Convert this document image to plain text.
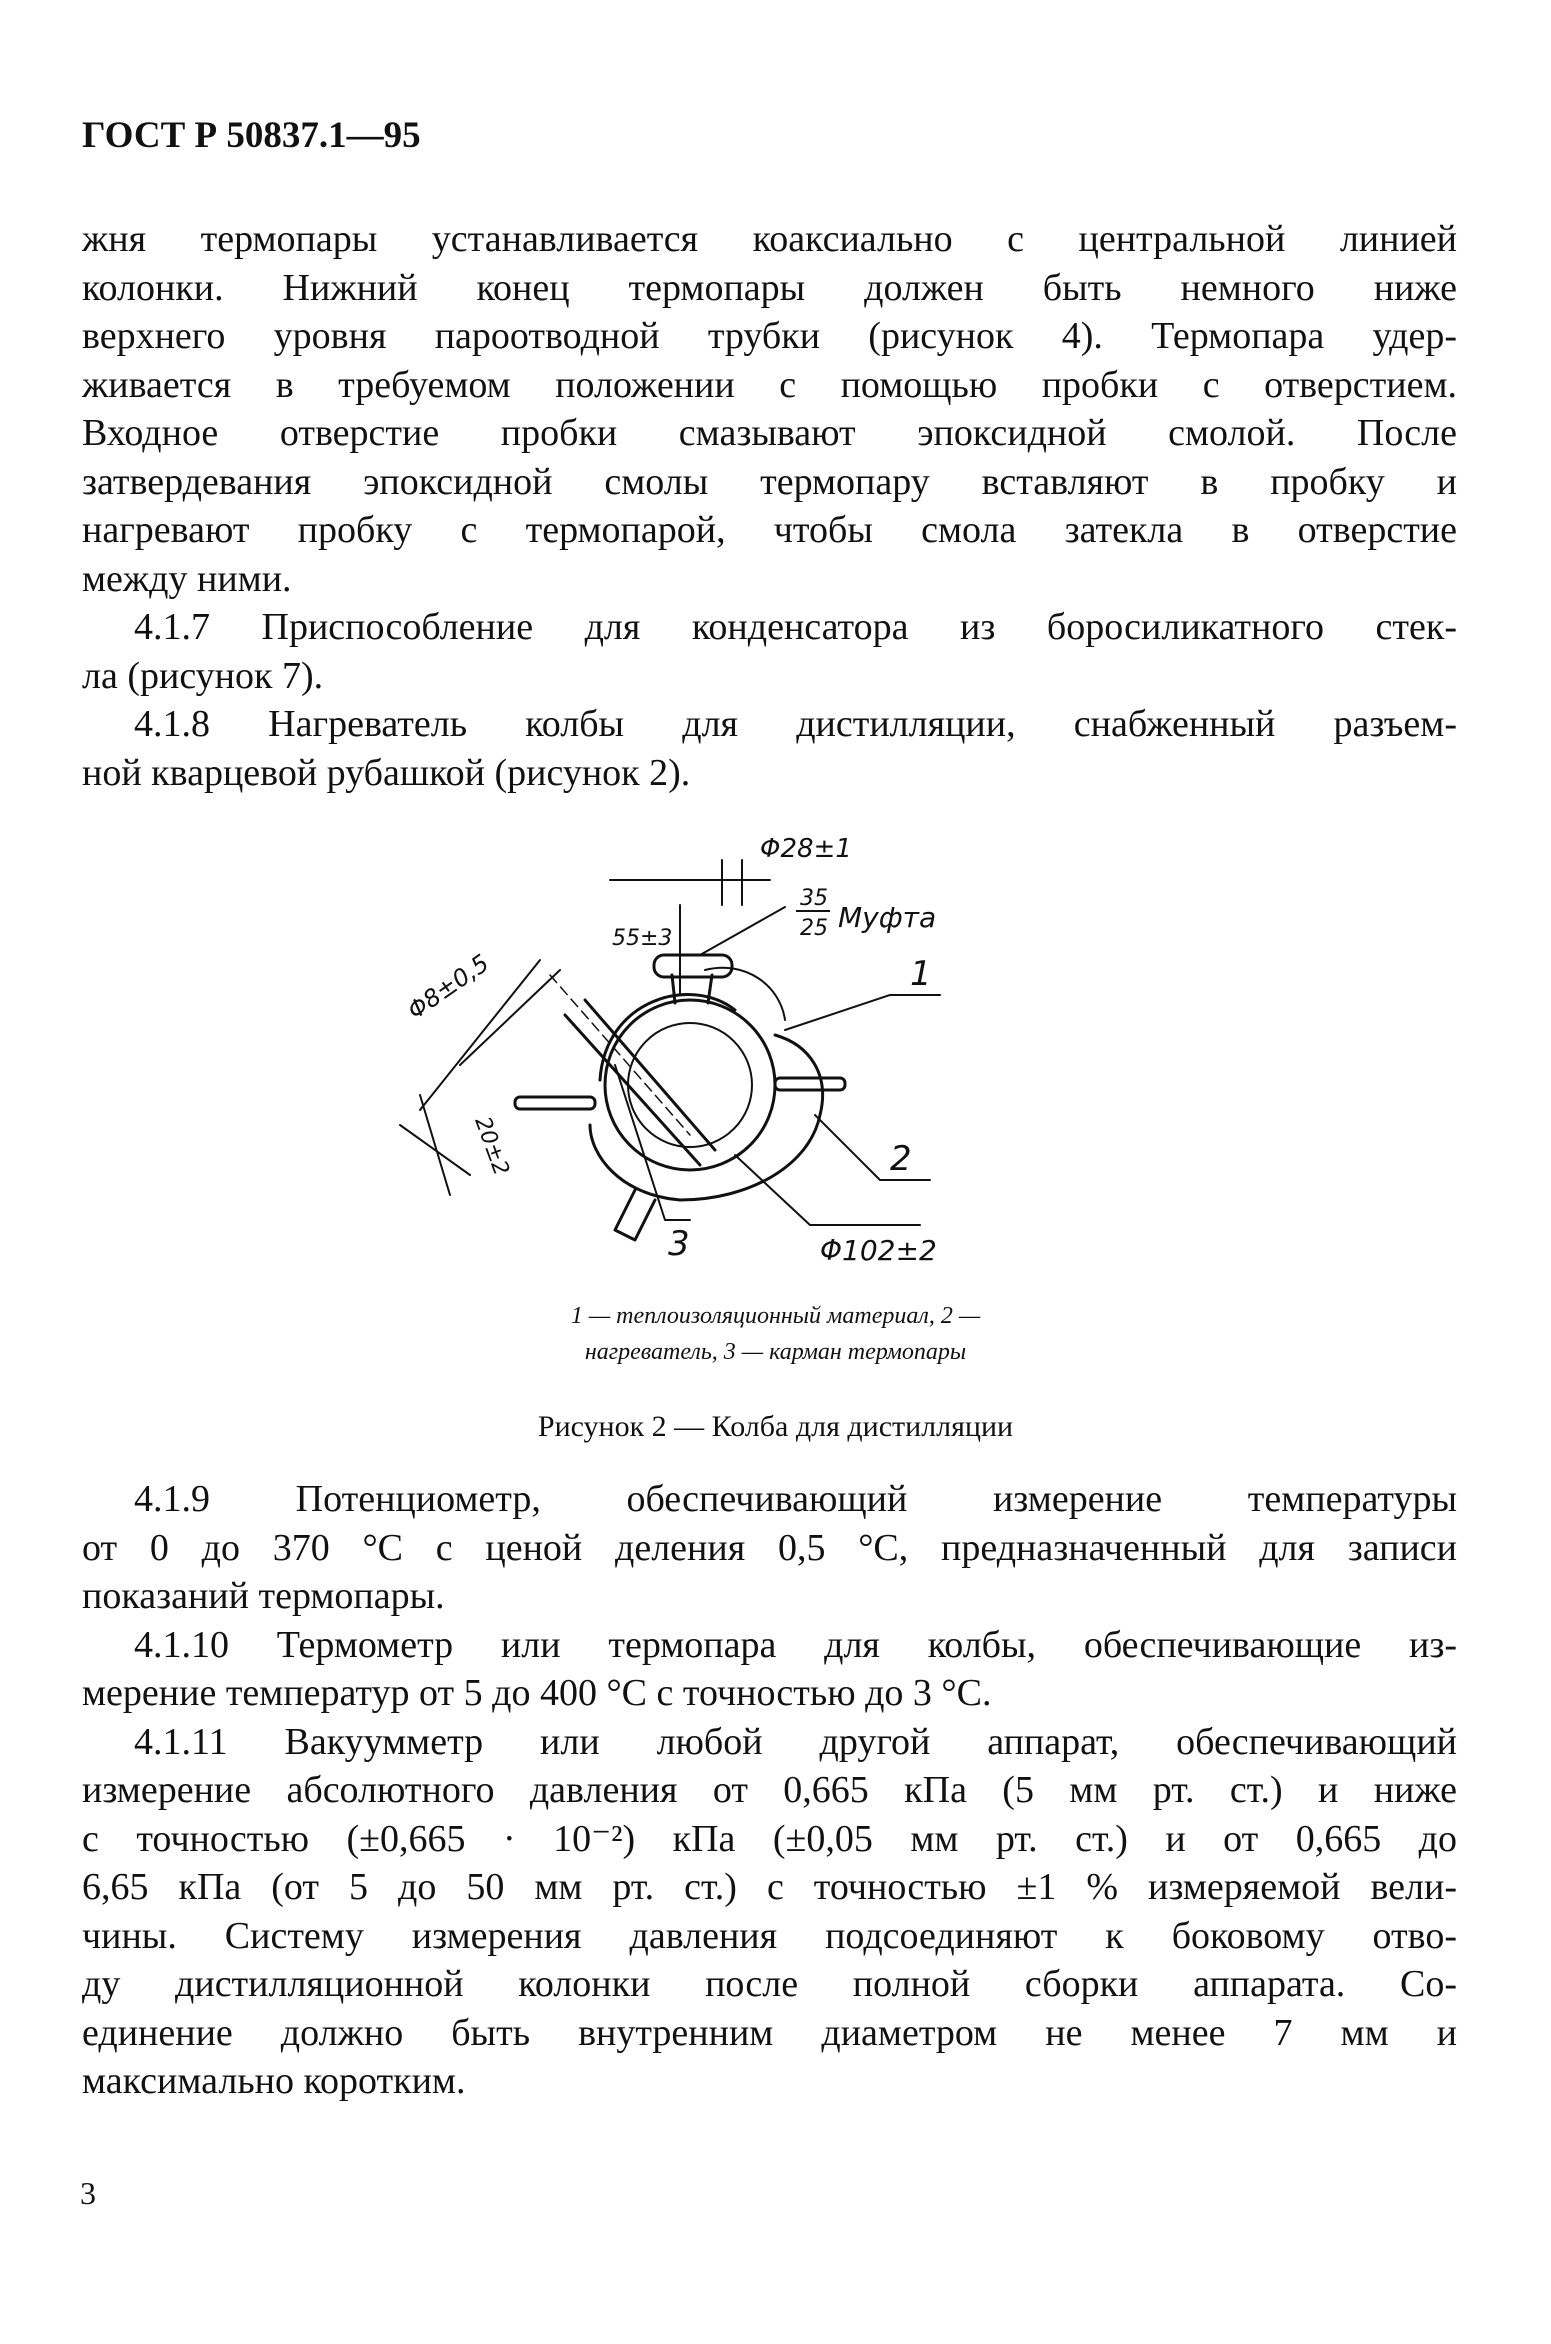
ГОСТ Р 50837.1—95

жня термопары устанавливается коаксиально с центральной линией

колонки. Нижний конец термопары должен быть немного ниже

верхнего уровня пароотводной трубки (рисунок 4). Термопара удер-

живается в требуемом положении с помощью пробки с отверстием.

Входное отверстие пробки смазывают эпоксидной смолой. После

затвердевания эпоксидной смолы термопару вставляют в пробку и

нагревают пробку с термопарой, чтобы смола затекла в отверстие

между ними.

4.1.7 Приспособление для конденсатора из боросиликатного стек-

ла (рисунок 7).

4.1.8 Нагреватель колбы для дистилляции, снабженный разъем-

ной кварцевой рубашкой (рисунок 2).

Φ28±1
35
25 Муфта
55±3
Φ8±0,5
20±2
1
2
3	Φ102±2
1 — теплоизоляционный материал, 2 —
нагреватель, 3 — карман термопары
Рисунок 2 — Колба для дистилляции

4.1.9 Потенциометр, обеспечивающий измерение температуры

от 0 до 370 °С с ценой деления 0,5 °С, предназначенный для записи

показаний термопары.

4.1.10 Термометр или термопара для колбы, обеспечивающие из-

мерение температур от 5 до 400 °С с точностью до 3 °С.

4.1.11 Вакуумметр или любой другой аппарат, обеспечивающий

измерение абсолютного давления от 0,665 кПа (5 мм рт. ст.) и ниже

с точностью (±0,665 · 10⁻²) кПа (±0,05 мм рт. ст.) и от 0,665 до

6,65 кПа (от 5 до 50 мм рт. ст.) с точностью ±1 % измеряемой вели-

чины. Систему измерения давления подсоединяют к боковому отво-

ду дистилляционной колонки после полной сборки аппарата. Со-

единение должно быть внутренним диаметром не менее 7 мм и

максимально коротким.

3
